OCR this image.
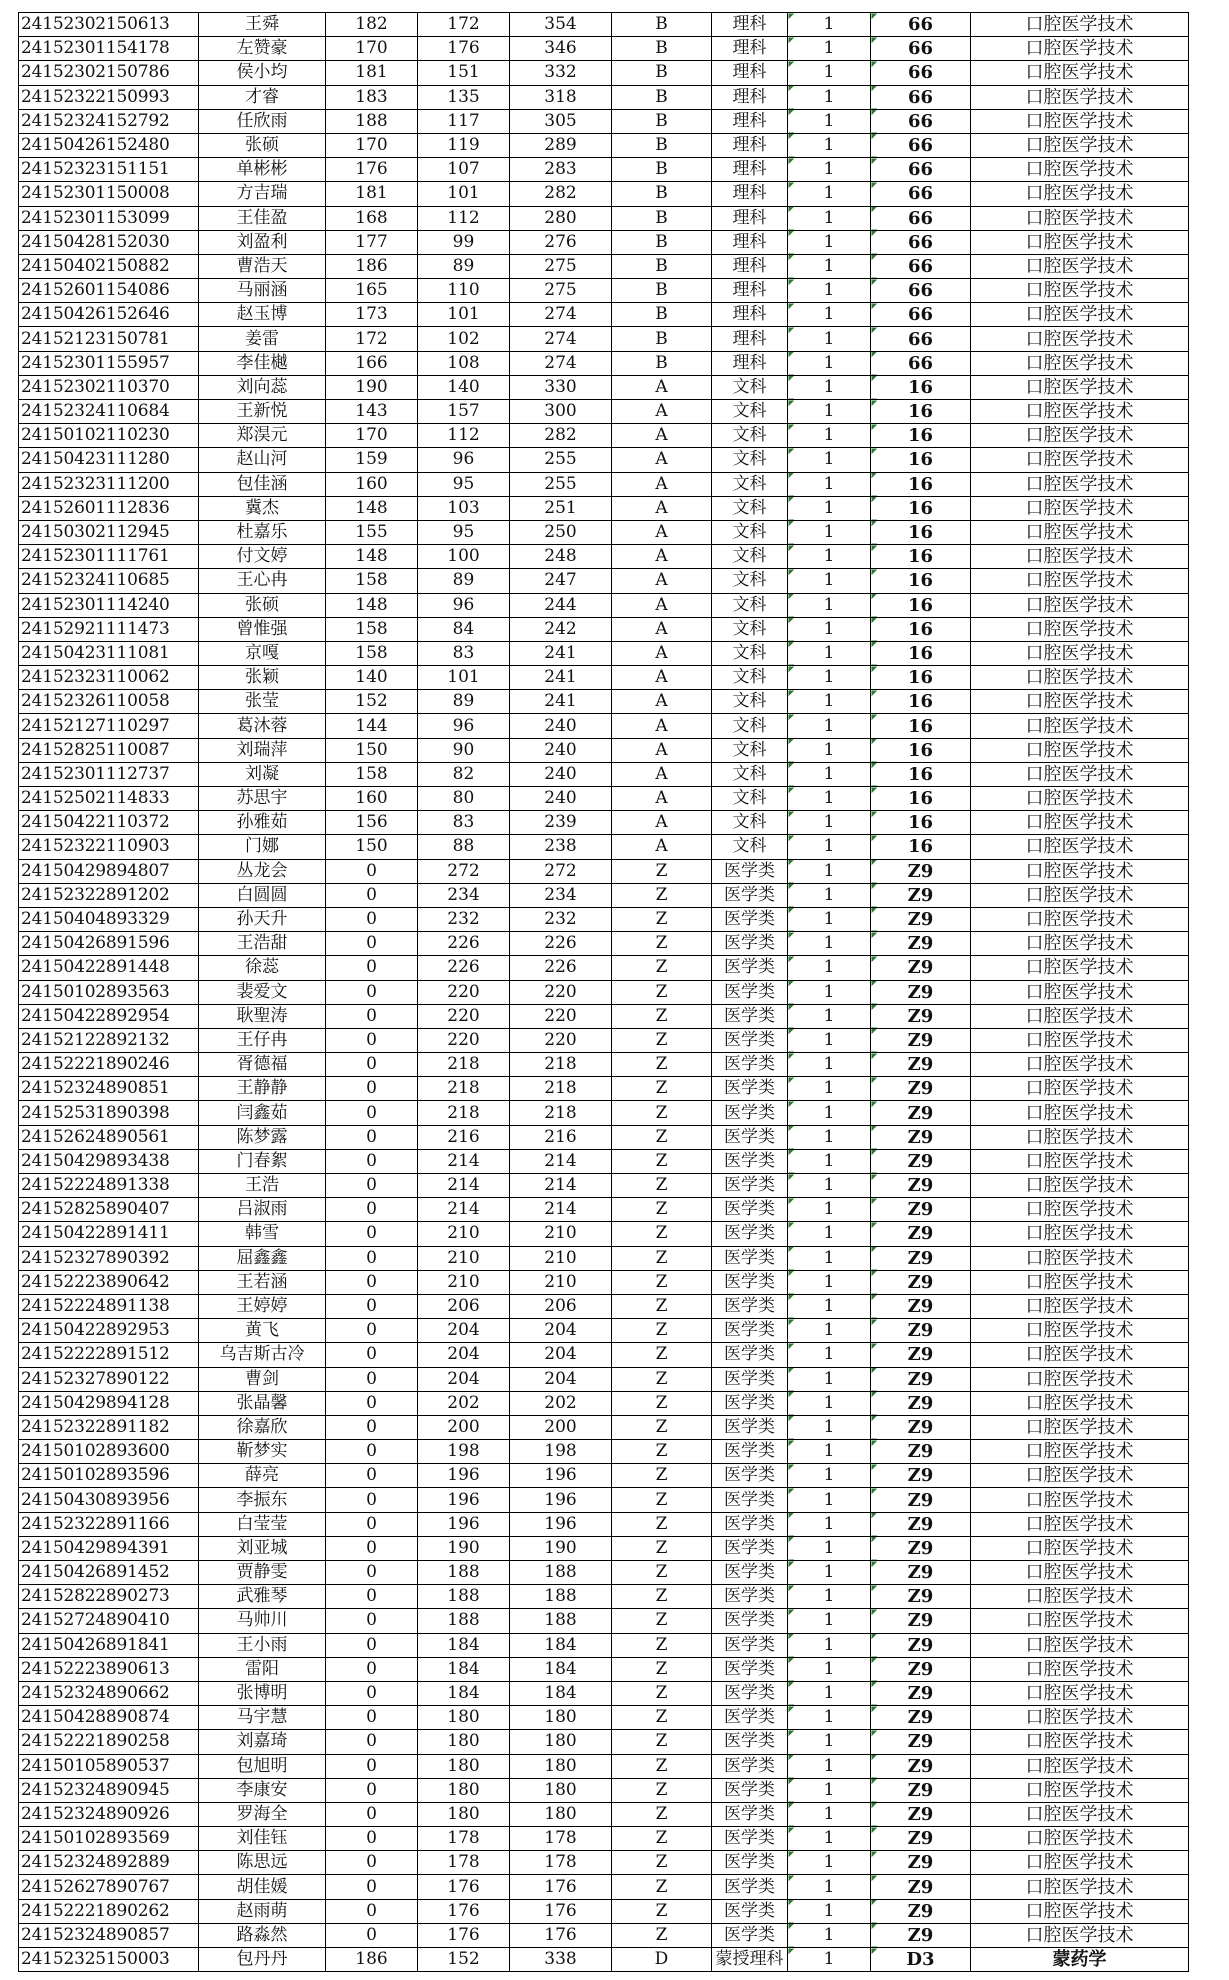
24152302150613	王舜	182	172	354	B	理科	1	66	口腔医学技术
24152301154178	左赞豪	170	176	346	B	理科	1	66	口腔医学技术
24152302150786	侯小均	181	151	332	B	理科	1	66	口腔医学技术
24152322150993	才睿	183	135	318	B	理科	1	66	口腔医学技术
24152324152792	任欣雨	188	117	305	B	理科	1	66	口腔医学技术
24150426152480	张硕	170	119	289	B	理科	1	66	口腔医学技术
24152323151151	单彬彬	176	107	283	B	理科	1	66	口腔医学技术
24152301150008	方吉瑞	181	101	282	B	理科	1	66	口腔医学技术
24152301153099	王佳盈	168	112	280	B	理科	1	66	口腔医学技术
24150428152030	刘盈利	177	99	276	B	理科	1	66	口腔医学技术
24150402150882	曹浩天	186	89	275	B	理科	1	66	口腔医学技术
24152601154086	马丽涵	165	110	275	B	理科	1	66	口腔医学技术
24150426152646	赵玉博	173	101	274	B	理科	1	66	口腔医学技术
24152123150781	姜雷	172	102	274	B	理科	1	66	口腔医学技术
24152301155957	李佳樾	166	108	274	B	理科	1	66	口腔医学技术
24152302110370	刘向蕊	190	140	330	A	文科	1	16	口腔医学技术
24152324110684	王新悦	143	157	300	A	文科	1	16	口腔医学技术
24150102110230	郑淏元	170	112	282	A	文科	1	16	口腔医学技术
24150423111280	赵山河	159	96	255	A	文科	1	16	口腔医学技术
24152323111200	包佳涵	160	95	255	A	文科	1	16	口腔医学技术
24152601112836	冀杰	148	103	251	A	文科	1	16	口腔医学技术
24150302112945	杜嘉乐	155	95	250	A	文科	1	16	口腔医学技术
24152301111761	付文婷	148	100	248	A	文科	1	16	口腔医学技术
24152324110685	王心冉	158	89	247	A	文科	1	16	口腔医学技术
24152301114240	张硕	148	96	244	A	文科	1	16	口腔医学技术
24152921111473	曾惟强	158	84	242	A	文科	1	16	口腔医学技术
24150423111081	京嘎	158	83	241	A	文科	1	16	口腔医学技术
24152323110062	张颖	140	101	241	A	文科	1	16	口腔医学技术
24152326110058	张莹	152	89	241	A	文科	1	16	口腔医学技术
24152127110297	葛沐蓉	144	96	240	A	文科	1	16	口腔医学技术
24152825110087	刘瑞萍	150	90	240	A	文科	1	16	口腔医学技术
24152301112737	刘凝	158	82	240	A	文科	1	16	口腔医学技术
24152502114833	苏思宇	160	80	240	A	文科	1	16	口腔医学技术
24150422110372	孙雅茹	156	83	239	A	文科	1	16	口腔医学技术
24152322110903	门娜	150	88	238	A	文科	1	16	口腔医学技术
24150429894807	丛龙会	0	272	272	Z	医学类	1	Z9	口腔医学技术
24152322891202	白圆圆	0	234	234	Z	医学类	1	Z9	口腔医学技术
24150404893329	孙天升	0	232	232	Z	医学类	1	Z9	口腔医学技术
24150426891596	王浩甜	0	226	226	Z	医学类	1	Z9	口腔医学技术
24150422891448	徐蕊	0	226	226	Z	医学类	1	Z9	口腔医学技术
24150102893563	裴爱文	0	220	220	Z	医学类	1	Z9	口腔医学技术
24150422892954	耿聖涛	0	220	220	Z	医学类	1	Z9	口腔医学技术
24152122892132	王仔冉	0	220	220	Z	医学类	1	Z9	口腔医学技术
24152221890246	胥德福	0	218	218	Z	医学类	1	Z9	口腔医学技术
24152324890851	王静静	0	218	218	Z	医学类	1	Z9	口腔医学技术
24152531890398	闫鑫茹	0	218	218	Z	医学类	1	Z9	口腔医学技术
24152624890561	陈梦露	0	216	216	Z	医学类	1	Z9	口腔医学技术
24150429893438	门春絮	0	214	214	Z	医学类	1	Z9	口腔医学技术
24152224891338	王浩	0	214	214	Z	医学类	1	Z9	口腔医学技术
24152825890407	吕淑雨	0	214	214	Z	医学类	1	Z9	口腔医学技术
24150422891411	韩雪	0	210	210	Z	医学类	1	Z9	口腔医学技术
24152327890392	屈鑫鑫	0	210	210	Z	医学类	1	Z9	口腔医学技术
24152223890642	王若涵	0	210	210	Z	医学类	1	Z9	口腔医学技术
24152224891138	王婷婷	0	206	206	Z	医学类	1	Z9	口腔医学技术
24150422892953	黄飞	0	204	204	Z	医学类	1	Z9	口腔医学技术
24152222891512	乌吉斯古冷	0	204	204	Z	医学类	1	Z9	口腔医学技术
24152327890122	曹剑	0	204	204	Z	医学类	1	Z9	口腔医学技术
24150429894128	张晶馨	0	202	202	Z	医学类	1	Z9	口腔医学技术
24152322891182	徐嘉欣	0	200	200	Z	医学类	1	Z9	口腔医学技术
24150102893600	靳梦实	0	198	198	Z	医学类	1	Z9	口腔医学技术
24150102893596	薛亮	0	196	196	Z	医学类	1	Z9	口腔医学技术
24150430893956	李振东	0	196	196	Z	医学类	1	Z9	口腔医学技术
24152322891166	白莹莹	0	196	196	Z	医学类	1	Z9	口腔医学技术
24150429894391	刘亚城	0	190	190	Z	医学类	1	Z9	口腔医学技术
24150426891452	贾静雯	0	188	188	Z	医学类	1	Z9	口腔医学技术
24152822890273	武雅琴	0	188	188	Z	医学类	1	Z9	口腔医学技术
24152724890410	马帅川	0	188	188	Z	医学类	1	Z9	口腔医学技术
24150426891841	王小雨	0	184	184	Z	医学类	1	Z9	口腔医学技术
24152223890613	雷阳	0	184	184	Z	医学类	1	Z9	口腔医学技术
24152324890662	张博明	0	184	184	Z	医学类	1	Z9	口腔医学技术
24150428890874	马宇慧	0	180	180	Z	医学类	1	Z9	口腔医学技术
24152221890258	刘嘉琦	0	180	180	Z	医学类	1	Z9	口腔医学技术
24150105890537	包旭明	0	180	180	Z	医学类	1	Z9	口腔医学技术
24152324890945	李康安	0	180	180	Z	医学类	1	Z9	口腔医学技术
24152324890926	罗海全	0	180	180	Z	医学类	1	Z9	口腔医学技术
24150102893569	刘佳钰	0	178	178	Z	医学类	1	Z9	口腔医学技术
24152324892889	陈思远	0	178	178	Z	医学类	1	Z9	口腔医学技术
24152627890767	胡佳媛	0	176	176	Z	医学类	1	Z9	口腔医学技术
24152221890262	赵雨萌	0	176	176	Z	医学类	1	Z9	口腔医学技术
24152324890857	路淼然	0	176	176	Z	医学类	1	Z9	口腔医学技术
24152325150003	包丹丹	186	152	338	D	蒙授理科	1	D3	蒙药学
